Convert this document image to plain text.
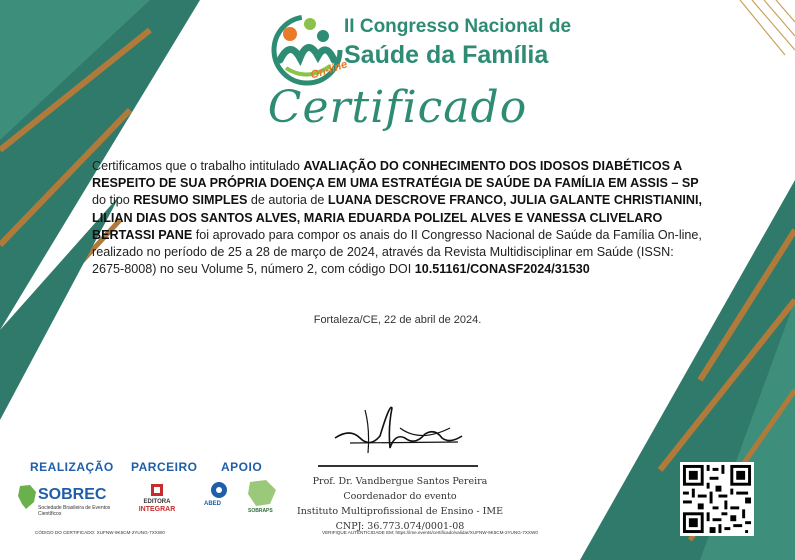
II Congresso Nacional de
Saúde da Família
On-line
Certificado
Certificamos que o trabalho intitulado AVALIAÇÃO DO CONHECIMENTO DOS IDOSOS DIABÉTICOS A RESPEITO DE SUA PRÓPRIA DOENÇA EM UMA ESTRATÉGIA DE SAÚDE DA FAMÍLIA EM ASSIS – SP do tipo RESUMO SIMPLES de autoria de LUANA DESCROVE FRANCO, JULIA GALANTE CHRISTIANINI, LILIAN DIAS DOS SANTOS ALVES, MARIA EDUARDA POLIZEL ALVES E VANESSA CLIVELARO BERTASSI PANE foi aprovado para compor os anais do II Congresso Nacional de Saúde da Família On-line, realizado no período de 25 a 28 de março de 2024, através da Revista Multidisciplinar em Saúde (ISSN: 2675-8008) no seu Volume 5, número 2, com código DOI 10.51161/CONASF2024/31530
Fortaleza/CE, 22 de abril de 2024.
Prof. Dr. Vandbergue Santos Pereira
Coordenador do evento
Instituto Multiprofissional de Ensino - IME
CNPJ: 36.773.074/0001-08
REALIZAÇÃO PARCEIRO APOIO
SOBREC
Sociedade Brasileira de Eventos Científicos
EDITORA
INTEGRAR
ABED
SOBRAPS
CÓDIGO DO CERTIFICADO: XUFNW-9K5CM-2YUNG-7XXW0	VERIFIQUE AUTENTICIDADE EM: https://ime.events/certificado/validar/XUFNW-9K5CM-2YUNG-7XXW0
